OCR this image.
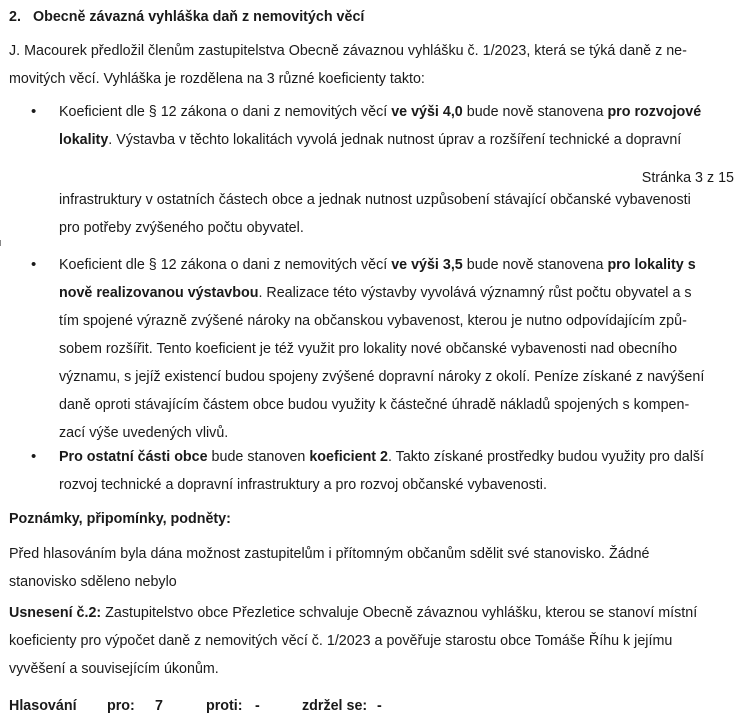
2. Obecně závazná vyhláška daň z nemovitých věcí
J. Macourek předložil členům zastupitelstva Obecně závaznou vyhlášku č. 1/2023, která se týká daně z ne-
movitých věcí. Vyhláška je rozdělena na 3 různé koeficienty takto:
• Koeficient dle § 12 zákona o dani z nemovitých věcí ve výši 4,0 bude nově stanovena pro rozvojové
lokality. Výstavba v těchto lokalitách vyvolá jednak nutnost úprav a rozšíření technické a dopravní
Stránka 3 z 15
infrastruktury v ostatních částech obce a jednak nutnost uzpůsobení stávající občanské vybavenosti
pro potřeby zvýšeného počtu obyvatel.
• Koeficient dle § 12 zákona o dani z nemovitých věcí ve výši 3,5 bude nově stanovena pro lokality s
nově realizovanou výstavbou. Realizace této výstavby vyvolává významný růst počtu obyvatel a s
tím spojené výrazně zvýšené nároky na občanskou vybavenost, kterou je nutno odpovídajícím způ-
sobem rozšířit. Tento koeficient je též využit pro lokality nové občanské vybavenosti nad obecního
významu, s jejíž existencí budou spojeny zvýšené dopravní nároky z okolí. Peníze získané z navýšení
daně oproti stávajícím částem obce budou využity k částečné úhradě nákladů spojených s kompen-
zací výše uvedených vlivů.
• Pro ostatní části obce bude stanoven koeficient 2. Takto získané prostředky budou využity pro další
rozvoj technické a dopravní infrastruktury a pro rozvoj občanské vybavenosti.
Poznámky, připomínky, podněty:
Před hlasováním byla dána možnost zastupitelům i přítomným občanům sdělit své stanovisko. Žádné
stanovisko sděleno nebylo
Usnesení č.2: Zastupitelstvo obce Přezletice schvaluje Obecně závaznou vyhlášku, kterou se stanoví místní
koeficienty pro výpočet daně z nemovitých věcí č. 1/2023 a pověřuje starostu obce Tomáše Říhu k jejímu
vyvěšení a souvisejícím úkonům.
Hlasování pro: 7	proti: -	zdržel se: -
